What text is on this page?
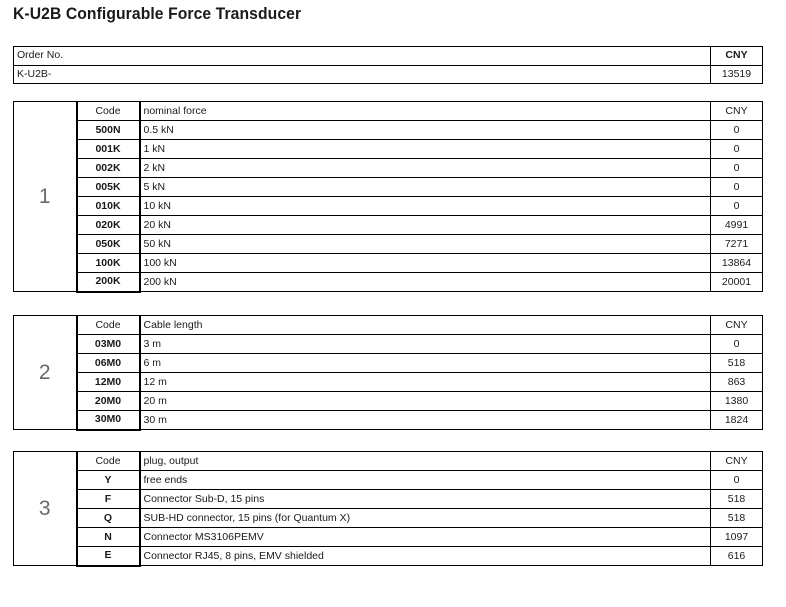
K-U2B Configurable Force Transducer
Order No.	CNY
K-U2B-	13519
1	Code	nominal force	CNY
	500N	0.5 kN	0
	001K	1 kN	0
	002K	2 kN	0
	005K	5 kN	0
	010K	10 kN	0
	020K	20 kN	4991
	050K	50 kN	7271
	100K	100 kN	13864
	200K	200 kN	20001
2	Code	Cable length	CNY
	03M0	3 m	0
	06M0	6 m	518
	12M0	12 m	863
	20M0	20 m	1380
	30M0	30 m	1824
3	Code	plug, output	CNY
	Y	free ends	0
	F	Connector Sub-D, 15 pins	518
	Q	SUB-HD connector, 15 pins (for Quantum X)	518
	N	Connector MS3106PEMV	1097
	E	Connector RJ45, 8 pins, EMV shielded	616
